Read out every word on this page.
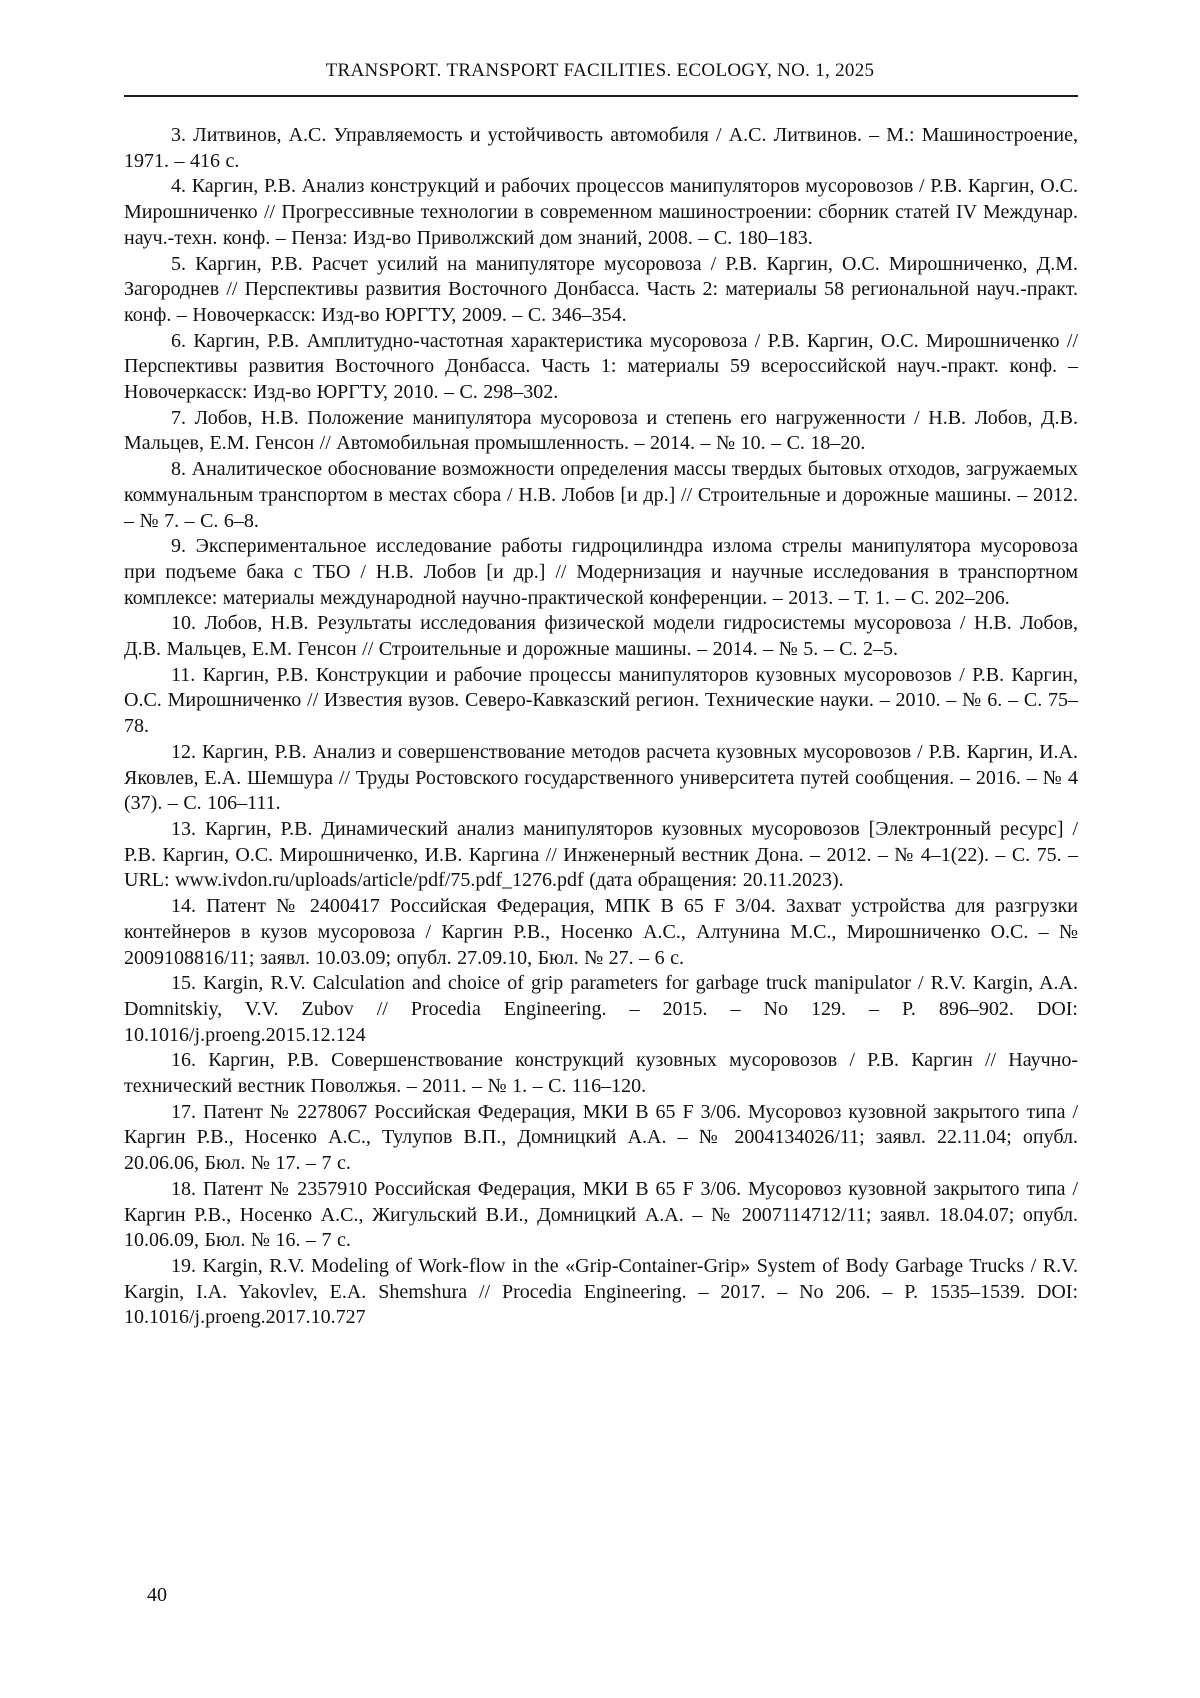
TRANSPORT. TRANSPORT FACILITIES. ECOLOGY, NO. 1, 2025

3. Литвинов, А.С. Управляемость и устойчивость автомобиля / А.С. Литвинов. – М.: Машиностроение, 1971. – 416 с.

4. Каргин, Р.В. Анализ конструкций и рабочих процессов манипуляторов мусоровозов / Р.В. Каргин, О.С. Мирошниченко // Прогрессивные технологии в современном машиностроении: сборник статей IV Междунар. науч.-техн. конф. – Пенза: Изд-во Приволжский дом знаний, 2008. – С. 180–183.

5. Каргин, Р.В. Расчет усилий на манипуляторе мусоровоза / Р.В. Каргин, О.С. Мирошниченко, Д.М. Загороднев // Перспективы развития Восточного Донбасса. Часть 2: материалы 58 региональной науч.-практ. конф. – Новочеркасск: Изд-во ЮРГТУ, 2009. – С. 346–354.

6. Каргин, Р.В. Амплитудно-частотная характеристика мусоровоза / Р.В. Каргин, О.С. Мирошниченко // Перспективы развития Восточного Донбасса. Часть 1: материалы 59 всероссийской науч.-практ. конф. – Новочеркасск: Изд-во ЮРГТУ, 2010. – С. 298–302.

7. Лобов, Н.В. Положение манипулятора мусоровоза и степень его нагруженности / Н.В. Лобов, Д.В. Мальцев, Е.М. Генсон // Автомобильная промышленность. – 2014. – № 10. – С. 18–20.

8. Аналитическое обоснование возможности определения массы твердых бытовых отходов, загружаемых коммунальным транспортом в местах сбора / Н.В. Лобов [и др.] // Строительные и дорожные машины. – 2012. – № 7. – С. 6–8.

9. Экспериментальное исследование работы гидроцилиндра излома стрелы манипулятора мусоровоза при подъеме бака с ТБО / Н.В. Лобов [и др.] // Модернизация и научные исследования в транспортном комплексе: материалы международной научно-практической конференции. – 2013. – Т. 1. – С. 202–206.

10. Лобов, Н.В. Результаты исследования физической модели гидросистемы мусоровоза / Н.В. Лобов, Д.В. Мальцев, Е.М. Генсон // Строительные и дорожные машины. – 2014. – № 5. – С. 2–5.

11. Каргин, Р.В. Конструкции и рабочие процессы манипуляторов кузовных мусоровозов / Р.В. Каргин, О.С. Мирошниченко // Известия вузов. Северо-Кавказский регион. Технические науки. – 2010. – № 6. – С. 75–78.

12. Каргин, Р.В. Анализ и совершенствование методов расчета кузовных мусоровозов / Р.В. Каргин, И.А. Яковлев, Е.А. Шемшура // Труды Ростовского государственного университета путей сообщения. – 2016. – № 4 (37). – С. 106–111.

13. Каргин, Р.В. Динамический анализ манипуляторов кузовных мусоровозов [Электронный ресурс] / Р.В. Каргин, О.С. Мирошниченко, И.В. Каргина // Инженерный вестник Дона. – 2012. – № 4–1(22). – С. 75. – URL: www.ivdon.ru/uploads/article/pdf/75.pdf_1276.pdf (дата обращения: 20.11.2023).

14. Патент № 2400417 Российская Федерация, МПК В 65 F 3/04. Захват устройства для разгрузки контейнеров в кузов мусоровоза / Каргин Р.В., Носенко А.С., Алтунина М.С., Мирошниченко О.С. – № 2009108816/11; заявл. 10.03.09; опубл. 27.09.10, Бюл. № 27. – 6 с.

15. Kargin, R.V. Calculation and choice of grip parameters for garbage truck manipulator / R.V. Kargin, A.A. Domnitskiy, V.V. Zubov // Procedia Engineering. – 2015. – No 129. – P. 896–902. DOI: 10.1016/j.proeng.2015.12.124

16. Каргин, Р.В. Совершенствование конструкций кузовных мусоровозов / Р.В. Каргин // Научно-технический вестник Поволжья. – 2011. – № 1. – С. 116–120.

17. Патент № 2278067 Российская Федерация, МКИ В 65 F 3/06. Мусоровоз кузовной закрытого типа / Каргин Р.В., Носенко А.С., Тулупов В.П., Домницкий А.А. – № 2004134026/11; заявл. 22.11.04; опубл. 20.06.06, Бюл. № 17. – 7 с.

18. Патент № 2357910 Российская Федерация, МКИ В 65 F 3/06. Мусоровоз кузовной закрытого типа / Каргин Р.В., Носенко А.С., Жигульский В.И., Домницкий А.А. – № 2007114712/11; заявл. 18.04.07; опубл. 10.06.09, Бюл. № 16. – 7 с.

19. Kargin, R.V. Modeling of Work-flow in the «Grip-Container-Grip» System of Body Garbage Trucks / R.V. Kargin, I.A. Yakovlev, E.A. Shemshura // Procedia Engineering. – 2017. – No 206. – P. 1535–1539. DOI: 10.1016/j.proeng.2017.10.727

40
